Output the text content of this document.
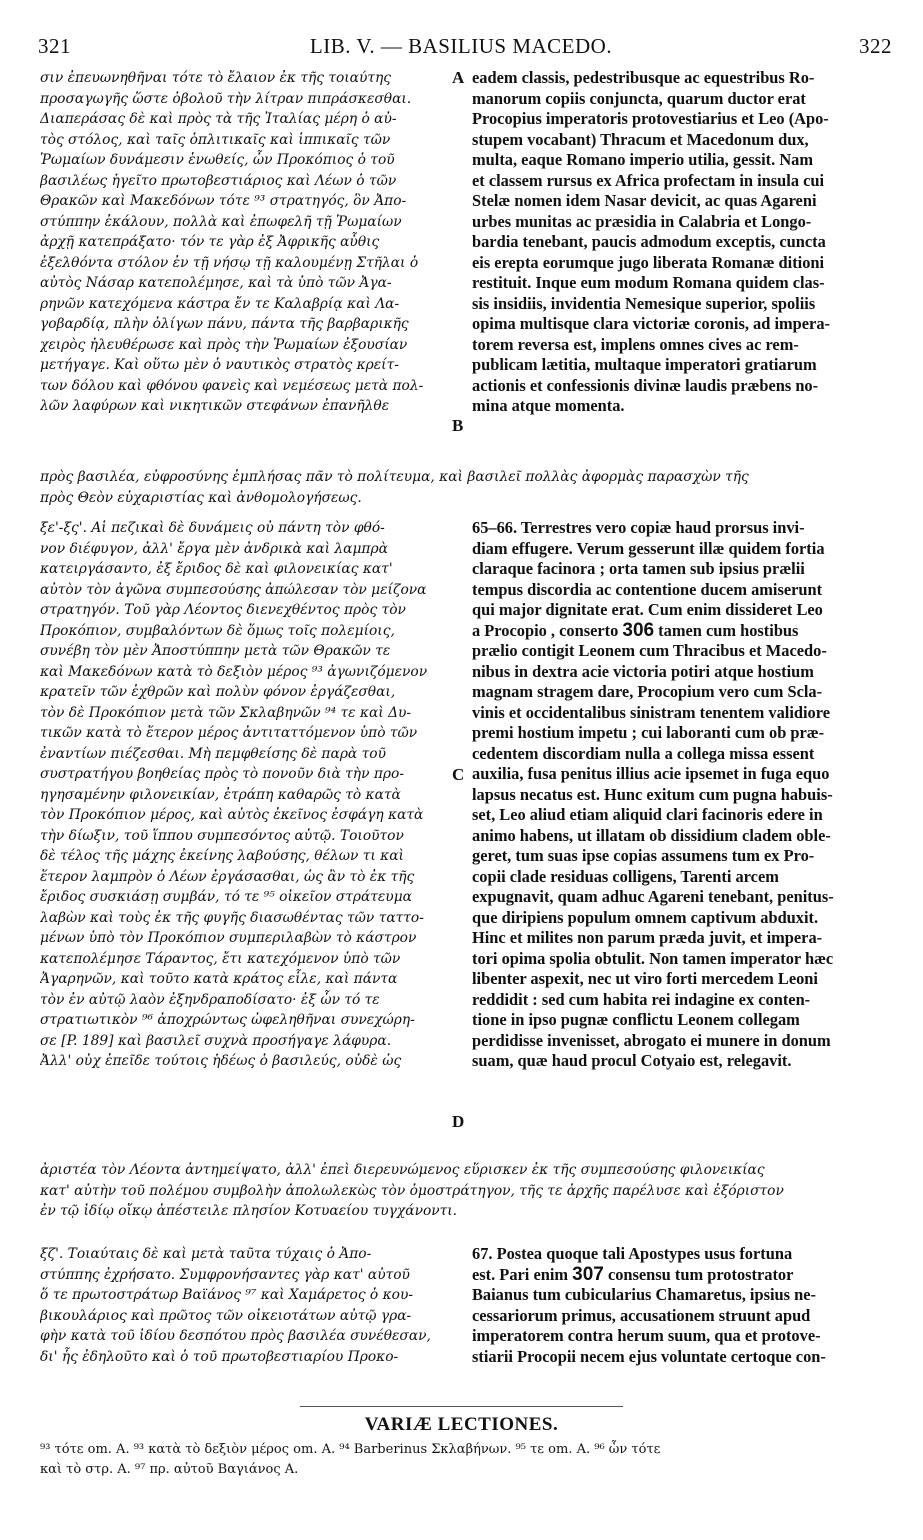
321	LIB. V. — BASILIUS MACEDO.	322
σιν ἐπευωνηθῆναι τότε τὸ ἔλαιον ἐκ τῆς τοιαύτης
προσαγωγῆς ὥστε ὀβολοῦ τὴν λίτραν πιπράσκεσθαι.
Διαπεράσας δὲ καὶ πρὸς τὰ τῆς Ἰταλίας μέρη ὁ αὐ-
τὸς στόλος, καὶ ταῖς ὁπλιτικαῖς καὶ ἱππικαῖς τῶν
Ῥωμαίων δυνάμεσιν ἑνωθείς, ὧν Προκόπιος ὁ τοῦ
βασιλέως ἡγεῖτο πρωτοβεστιάριος καὶ Λέων ὁ τῶν
Θρακῶν καὶ Μακεδόνων τότε ⁹³ στρατηγός, ὃν Ἀπο-
στύππην ἐκάλουν, πολλὰ καὶ ἐπωφελῆ τῇ Ῥωμαίων
ἀρχῇ κατεπράξατο· τόν τε γὰρ ἐξ Ἀφρικῆς αὖθις
ἐξελθόντα στόλον ἐν τῇ νήσῳ τῇ καλουμένῃ Στῆλαι ὁ
αὐτὸς Νάσαρ κατεπολέμησε, καὶ τὰ ὑπὸ τῶν Ἀγα-
ρηνῶν κατεχόμενα κάστρα ἔν τε Καλαβρίᾳ καὶ Λα-
γοβαρδίᾳ, πλὴν ὀλίγων πάνυ, πάντα τῆς βαρβαρικῆς
χειρὸς ἠλευθέρωσε καὶ πρὸς τὴν Ῥωμαίων ἐξουσίαν
μετήγαγε. Καὶ οὕτω μὲν ὁ ναυτικὸς στρατὸς κρείτ-
των δόλου καὶ φθόνου φανεὶς καὶ νεμέσεως μετὰ πολ-
λῶν λαφύρων καὶ νικητικῶν στεφάνων ἐπανῆλθε
eadem classis, pedestribusque ac equestribus Ro-
manorum copiis conjuncta, quarum ductor erat
Procopius imperatoris protovestiarius et Leo (Apo-
stupem vocabant) Thracum et Macedonum dux,
multa, eaque Romano imperio utilia, gessit. Nam
et classem rursus ex Africa profectam in insula cui
Stelæ nomen idem Nasar devicit, ac quas Agareni
urbes munitas ac præsidia in Calabria et Longo-
bardia tenebant, paucis admodum exceptis, cuncta
eis erepta eorumque jugo liberata Romanæ ditioni
restituit. Inque eum modum Romana quidem clas-
sis insidiis, invidentia Nemesique superior, spoliis
opima multisque clara victoriæ coronis, ad impera-
torem reversa est, implens omnes cives ac rem-
publicam lætitia, multaque imperatori gratiarum
actionis et confessionis divinæ laudis præbens no-
mina atque momenta.
A
B
πρὸς βασιλέα, εὐφροσύνης ἐμπλήσας πᾶν τὸ πολίτευμα, καὶ βασιλεῖ πολλὰς ἀφορμὰς παρασχὼν τῆς
πρὸς Θεὸν εὐχαριστίας καὶ ἀνθομολογήσεως.
ξε'-ξς'. Αἱ πεζικαὶ δὲ δυνάμεις οὐ πάντη τὸν φθό-
νον διέφυγον, ἀλλ' ἔργα μὲν ἀνδρικὰ καὶ λαμπρὰ
κατειργάσαντο, ἐξ ἔριδος δὲ καὶ φιλονεικίας κατ'
αὐτὸν τὸν ἀγῶνα συμπεσούσης ἀπώλεσαν τὸν μείζονα
στρατηγόν. Τοῦ γὰρ Λέοντος διενεχθέντος πρὸς τὸν
Προκόπιον, συμβαλόντων δὲ ὅμως τοῖς πολεμίοις,
συνέβη τὸν μὲν Ἀποστύππην μετὰ τῶν Θρακῶν τε
καὶ Μακεδόνων κατὰ τὸ δεξιὸν μέρος ⁹³ ἀγωνιζόμενον
κρατεῖν τῶν ἐχθρῶν καὶ πολὺν φόνον ἐργάζεσθαι,
τὸν δὲ Προκόπιον μετὰ τῶν Σκλαβηνῶν ⁹⁴ τε καὶ Δυ-
τικῶν κατὰ τὸ ἕτερον μέρος ἀντιταττόμενον ὑπὸ τῶν
ἐναντίων πιέζεσθαι. Μὴ πεμφθείσης δὲ παρὰ τοῦ
συστρατήγου βοηθείας πρὸς τὸ πονοῦν διὰ τὴν προ-
ηγησαμένην φιλονεικίαν, ἐτράπη καθαρῶς τὸ κατὰ
τὸν Προκόπιον μέρος, καὶ αὐτὸς ἐκεῖνος ἐσφάγη κατὰ
τὴν δίωξιν, τοῦ ἵππου συμπεσόντος αὐτῷ. Τοιοῦτον
δὲ τέλος τῆς μάχης ἐκείνης λαβούσης, θέλων τι καὶ
ἕτερον λαμπρὸν ὁ Λέων ἐργάσασθαι, ὡς ἂν τὸ ἐκ τῆς
ἔριδος συσκιάσῃ συμβάν, τό τε ⁹⁵ οἰκεῖον στράτευμα
λαβὼν καὶ τοὺς ἐκ τῆς φυγῆς διασωθέντας τῶν ταττο-
μένων ὑπὸ τὸν Προκόπιον συμπεριλαβὼν τὸ κάστρον
κατεπολέμησε Τάραντος, ἔτι κατεχόμενον ὑπὸ τῶν
Ἀγαρηνῶν, καὶ τοῦτο κατὰ κράτος εἷλε, καὶ πάντα
τὸν ἐν αὐτῷ λαὸν ἐξηνδραποδίσατο· ἐξ ὧν τό τε
στρατιωτικὸν ⁹⁶ ἀποχρώντως ὠφεληθῆναι συνεχώρη-
σε [P. 189] καὶ βασιλεῖ συχνὰ προσήγαγε λάφυρα.
Ἀλλ' οὐχ ἐπεῖδε τούτοις ἡδέως ὁ βασιλεύς, οὐδὲ ὡς
65–66. Terrestres vero copiæ haud prorsus invi-
diam effugere. Verum gesserunt illæ quidem fortia
claraque facinora ; orta tamen sub ipsius prælii
tempus discordia ac contentione ducem amiserunt
qui major dignitate erat. Cum enim dissideret Leo
a Procopio , conserto 306 tamen cum hostibus
prælio contigit Leonem cum Thracibus et Macedo-
nibus in dextra acie victoria potiri atque hostium
magnam stragem dare, Procopium vero cum Scla-
vinis et occidentalibus sinistram tenentem validiore
premi hostium impetu ; cui laboranti cum ob præ-
cedentem discordiam nulla a collega missa essent
auxilia, fusa penitus illius acie ipsemet in fuga equo
lapsus necatus est. Hunc exitum cum pugna habuis-
set, Leo aliud etiam aliquid clari facinoris edere in
animo habens, ut illatam ob dissidium cladem oble-
geret, tum suas ipse copias assumens tum ex Pro-
copii clade residuas colligens, Tarenti arcem
expugnavit, quam adhuc Agareni tenebant, penitus-
que diripiens populum omnem captivum abduxit.
Hinc et milites non parum præda juvit, et impera-
tori opima spolia obtulit. Non tamen imperator hæc
libenter aspexit, nec ut viro forti mercedem Leoni
reddidit : sed cum habita rei indagine ex conten-
tione in ipso pugnæ conflictu Leonem collegam
perdidisse invenisset, abrogato ei munere in donum
suam, quæ haud procul Cotyaio est, relegavit.
C
D
ἀριστέα τὸν Λέοντα ἀντημείψατο, ἀλλ' ἐπεὶ διερευνώμενος εὕρισκεν ἐκ τῆς συμπεσούσης φιλονεικίας
κατ' αὐτὴν τοῦ πολέμου συμβολὴν ἀπολωλεκὼς τὸν ὁμοστράτηγον, τῆς τε ἀρχῆς παρέλυσε καὶ ἐξόριστον
ἐν τῷ ἰδίῳ οἴκῳ ἀπέστειλε πλησίον Κοτυαείου τυγχάνοντι.
ξζ'. Τοιαύταις δὲ καὶ μετὰ ταῦτα τύχαις ὁ Ἀπο-
στύππης ἐχρήσατο. Συμφρονήσαντες γὰρ κατ' αὐτοῦ
ὅ τε πρωτοστράτωρ Βαϊάνος ⁹⁷ καὶ Χαμάρετος ὁ κου-
βικουλάριος καὶ πρῶτος τῶν οἰκειοτάτων αὐτῷ γρα-
φὴν κατὰ τοῦ ἰδίου δεσπότου πρὸς βασιλέα συνέθεσαν,
δι' ἧς ἐδηλοῦτο καὶ ὁ τοῦ πρωτοβεστιαρίου Προκο-
67. Postea quoque tali Apostypes usus fortuna
est. Pari enim 307 consensu tum protostrator
Baianus tum cubicularius Chamaretus, ipsius ne-
cessariorum primus, accusationem struunt apud
imperatorem contra herum suum, qua et protove-
stiarii Procopii necem ejus voluntate certoque con-
VARIÆ LECTIONES.
⁹³ τότε om. A. ⁹³ κατὰ τὸ δεξιὸν μέρος om. A. ⁹⁴ Barberinus Σκλαβήνων. ⁹⁵ τε om. A. ⁹⁶ ὧν τότε
καὶ τὸ στρ. A. ⁹⁷ πρ. αὐτοῦ Βαγιάνος A.
